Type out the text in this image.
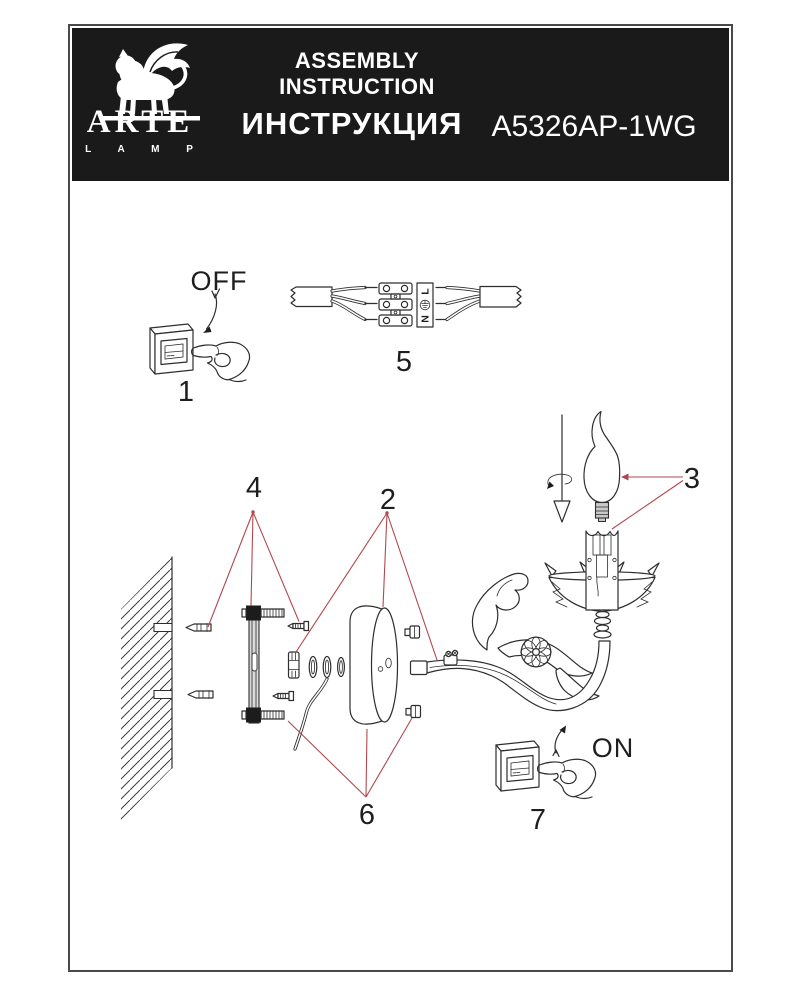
ARTE
L A M P
ASSEMBLY INSTRUCTION
ИНСТРУКЦИЯ A5326AP-1WG
OFF
1
L
N
5
3
4	2
6
ON
7
